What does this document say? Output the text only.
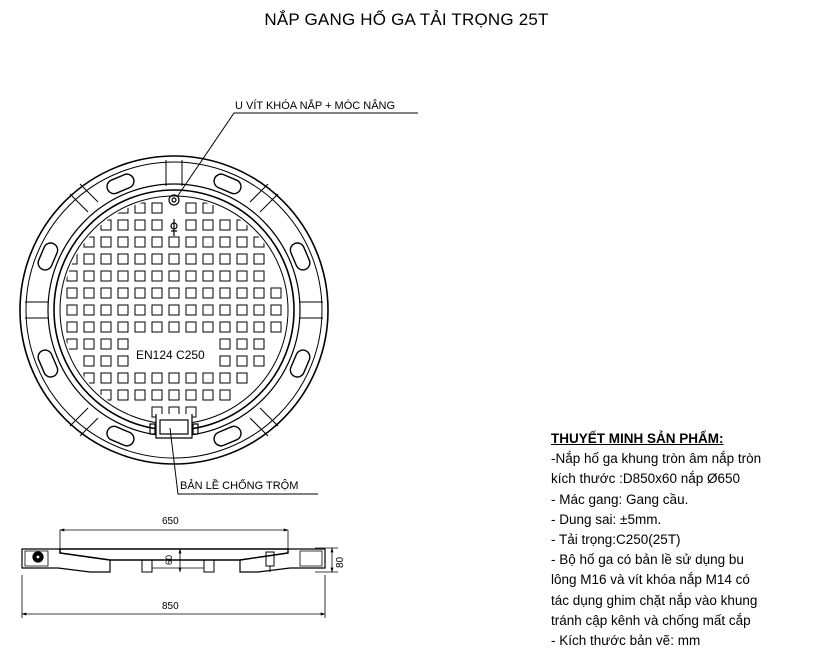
NẮP GANG HỐ GA TẢI TRỌNG 25T
U VÍT KHÓA NẮP + MÓC NÂNG
EN124 C250
BẢN LỀ CHỐNG TRỘM
650
850
80
60
THUYẾT MINH SẢN PHẨM:
-Nắp hố ga khung tròn âm nắp tròn
kích thước :D850x60 nắp Ø650
- Mác gang: Gang cầu.
- Dung sai: ±5mm.
- Tải trọng:C250(25T)
- Bộ hố ga có bản lề sử dụng bu
lông M16 và vít khóa nắp M14 có
tác dụng ghim chặt nắp vào khung
tránh cập kênh và chống mất cắp
- Kích thước bản vẽ: mm
